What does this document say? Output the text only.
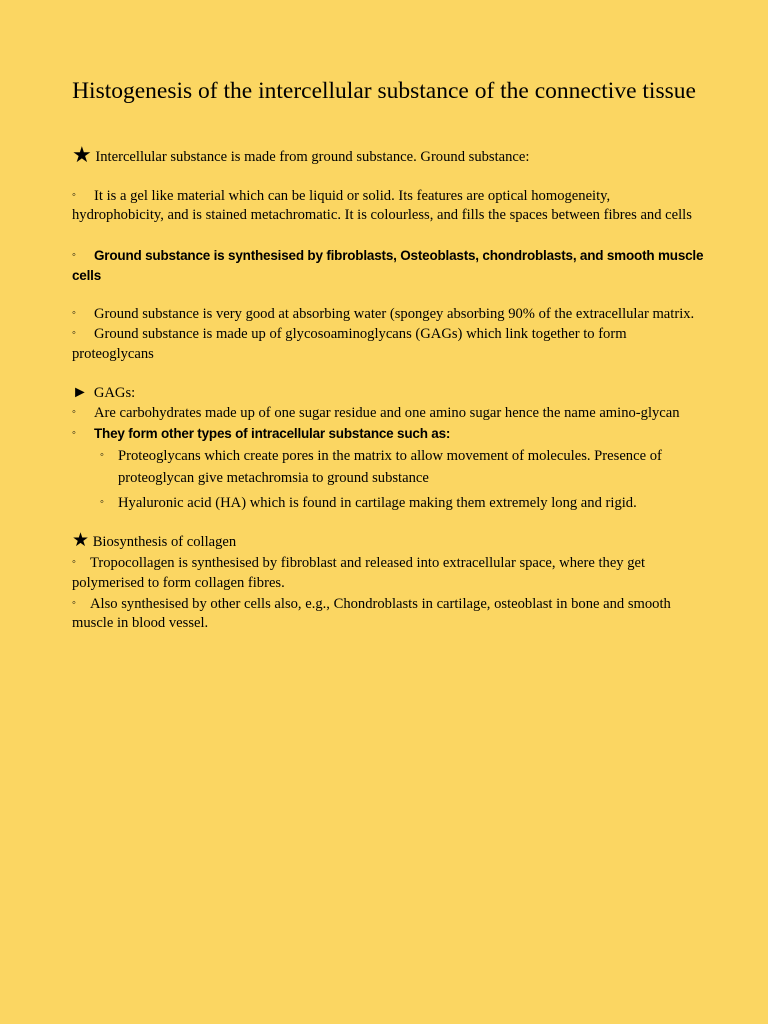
Histogenesis of the intercellular substance of the connective tissue

★ Intercellular substance is made from ground substance. Ground substance:

◦ It is a gel like material which can be liquid or solid. Its features are optical homogeneity, hydrophobicity, and is stained metachromatic. It is colourless, and fills the spaces between fibres and cells

◦ Ground substance is synthesised by fibroblasts, Osteoblasts, chondroblasts, and smooth muscle cells

◦ Ground substance is very good at absorbing water (spongey absorbing 90% of the extracellular matrix.

◦ Ground substance is made up of glycosoaminoglycans (GAGs) which link together to form proteoglycans

► GAGs:

◦ Are carbohydrates made up of one sugar residue and one amino sugar hence the name amino-glycan

◦ They form other types of intracellular substance such as:

◦ Proteoglycans which create pores in the matrix to allow movement of molecules. Presence of proteoglycan give metachromsia to ground substance

◦ Hyaluronic acid (HA) which is found in cartilage making them extremely long and rigid.

★ Biosynthesis of collagen

◦ Tropocollagen is synthesised by fibroblast and released into extracellular space, where they get polymerised to form collagen fibres.

◦ Also synthesised by other cells also, e.g., Chondroblasts in cartilage, osteoblast in bone and smooth muscle in blood vessel.
